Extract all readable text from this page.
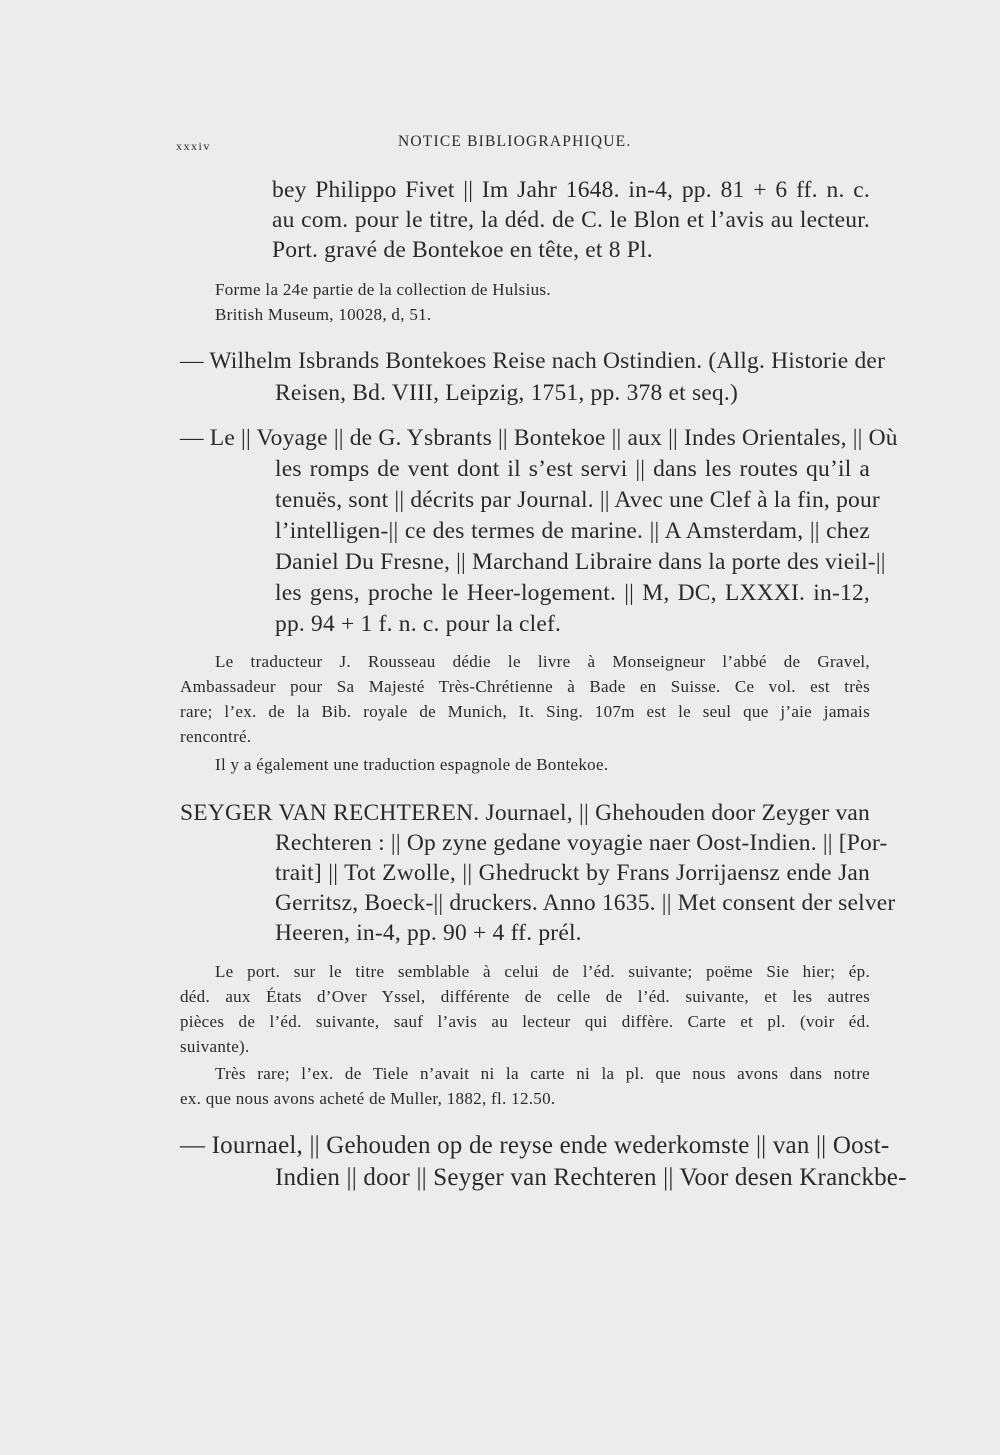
xxxiv	NOTICE BIBLIOGRAPHIQUE.
bey Philippo Fivet || Im Jahr 1648. in-4, pp. 81 + 6 ff. n. c.
au com. pour le titre, la déd. de C. le Blon et l’avis au lecteur.
Port. gravé de Bontekoe en tête, et 8 Pl.
Forme la 24e partie de la collection de Hulsius.
British Museum, 10028, d, 51.
— Wilhelm Isbrands Bontekoes Reise nach Ostindien. (Allg. Historie der
Reisen, Bd. VIII, Leipzig, 1751, pp. 378 et seq.)
— Le || Voyage || de G. Ysbrants || Bontekoe || aux || Indes Orientales, || Où
les romps de vent dont il s’est servi || dans les routes qu’il a
tenuës, sont || décrits par Journal. || Avec une Clef à la fin, pour
l’intelligen-|| ce des termes de marine. || A Amsterdam, || chez
Daniel Du Fresne, || Marchand Libraire dans la porte des vieil-||
les gens, proche le Heer-logement. || M, DC, LXXXI. in-12,
pp. 94 + 1 f. n. c. pour la clef.
Le traducteur J. Rousseau dédie le livre à Monseigneur l’abbé de Gravel,
Ambassadeur pour Sa Majesté Très-Chrétienne à Bade en Suisse. Ce vol. est très
rare; l’ex. de la Bib. royale de Munich, It. Sing. 107m est le seul que j’aie jamais
rencontré.
Il y a également une traduction espagnole de Bontekoe.
SEYGER VAN RECHTEREN. Journael, || Ghehouden door Zeyger van
Rechteren : || Op zyne gedane voyagie naer Oost-Indien. || [Por-
trait] || Tot Zwolle, || Ghedruckt by Frans Jorrijaensz ende Jan
Gerritsz, Boeck-|| druckers. Anno 1635. || Met consent der selver
Heeren, in-4, pp. 90 + 4 ff. prél.
Le port. sur le titre semblable à celui de l’éd. suivante; poëme Sie hier; ép.
déd. aux États d’Over Yssel, différente de celle de l’éd. suivante, et les autres
pièces de l’éd. suivante, sauf l’avis au lecteur qui diffère. Carte et pl. (voir éd.
suivante).
Très rare; l’ex. de Tiele n’avait ni la carte ni la pl. que nous avons dans notre
ex. que nous avons acheté de Muller, 1882, fl. 12.50.
— Iournael, || Gehouden op de reyse ende wederkomste || van || Oost-
Indien || door || Seyger van Rechteren || Voor desen Kranckbe-
